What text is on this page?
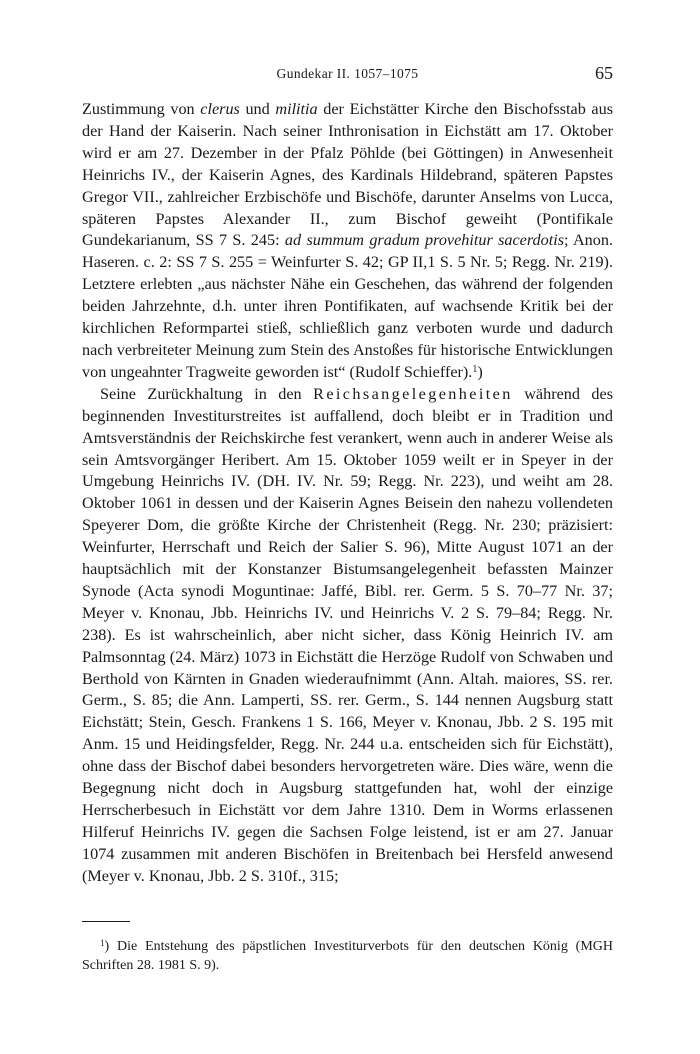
Gundekar II. 1057–1075	65

Zustimmung von clerus und militia der Eichstätter Kirche den Bischofsstab aus der Hand der Kaiserin. Nach seiner Inthronisation in Eichstätt am 17. Oktober wird er am 27. Dezember in der Pfalz Pöhlde (bei Göttingen) in Anwesenheit Heinrichs IV., der Kaiserin Agnes, des Kardinals Hildebrand, späteren Papstes Gregor VII., zahlreicher Erzbischöfe und Bischöfe, darunter Anselms von Lucca, späteren Papstes Alexander II., zum Bischof geweiht (Pontifikale Gundekarianum, SS 7 S. 245: ad summum gradum provehitur sacerdotis; Anon. Haseren. c. 2: SS 7 S. 255 = Weinfurter S. 42; GP II,1 S. 5 Nr. 5; Regg. Nr. 219). Letztere erlebten „aus nächster Nähe ein Geschehen, das während der folgenden beiden Jahrzehnte, d.h. unter ihren Pontifikaten, auf wachsende Kritik bei der kirchlichen Reformpartei stieß, schließlich ganz verboten wurde und dadurch nach verbreiteter Meinung zum Stein des Anstoßes für historische Entwicklungen von ungeahnter Tragweite geworden ist“ (Rudolf Schieffer).$^1$)

Seine Zurückhaltung in den Reichsangelegenheiten während des beginnenden Investiturstreites ist auffallend, doch bleibt er in Tradition und Amtsverständnis der Reichskirche fest verankert, wenn auch in anderer Weise als sein Amtsvorgänger Heribert. Am 15. Oktober 1059 weilt er in Speyer in der Umgebung Heinrichs IV. (DH. IV. Nr. 59; Regg. Nr. 223), und weiht am 28. Oktober 1061 in dessen und der Kaiserin Agnes Beisein den nahezu vollendeten Speyerer Dom, die größte Kirche der Christenheit (Regg. Nr. 230; präzisiert: Weinfurter, Herrschaft und Reich der Salier S. 96), Mitte August 1071 an der hauptsächlich mit der Konstanzer Bistumsangelegenheit befassten Mainzer Synode (Acta synodi Moguntinae: Jaffé, Bibl. rer. Germ. 5 S. 70–77 Nr. 37; Meyer v. Knonau, Jbb. Heinrichs IV. und Heinrichs V. 2 S. 79–84; Regg. Nr. 238). Es ist wahrscheinlich, aber nicht sicher, dass König Heinrich IV. am Palmsonntag (24. März) 1073 in Eichstätt die Herzöge Rudolf von Schwaben und Berthold von Kärnten in Gnaden wiederaufnimmt (Ann. Altah. maiores, SS. rer. Germ., S. 85; die Ann. Lamperti, SS. rer. Germ., S. 144 nennen Augsburg statt Eichstätt; Stein, Gesch. Frankens 1 S. 166, Meyer v. Knonau, Jbb. 2 S. 195 mit Anm. 15 und Heidingsfelder, Regg. Nr. 244 u.a. entscheiden sich für Eichstätt), ohne dass der Bischof dabei besonders hervorgetreten wäre. Dies wäre, wenn die Begegnung nicht doch in Augsburg stattgefunden hat, wohl der einzige Herrscherbesuch in Eichstätt vor dem Jahre 1310. Dem in Worms erlassenen Hilferuf Heinrichs IV. gegen die Sachsen Folge leistend, ist er am 27. Januar 1074 zusammen mit anderen Bischöfen in Breitenbach bei Hersfeld anwesend (Meyer v. Knonau, Jbb. 2 S. 310f., 315;

$^1$) Die Entstehung des päpstlichen Investiturverbots für den deutschen König (MGH Schriften 28. 1981 S. 9).
